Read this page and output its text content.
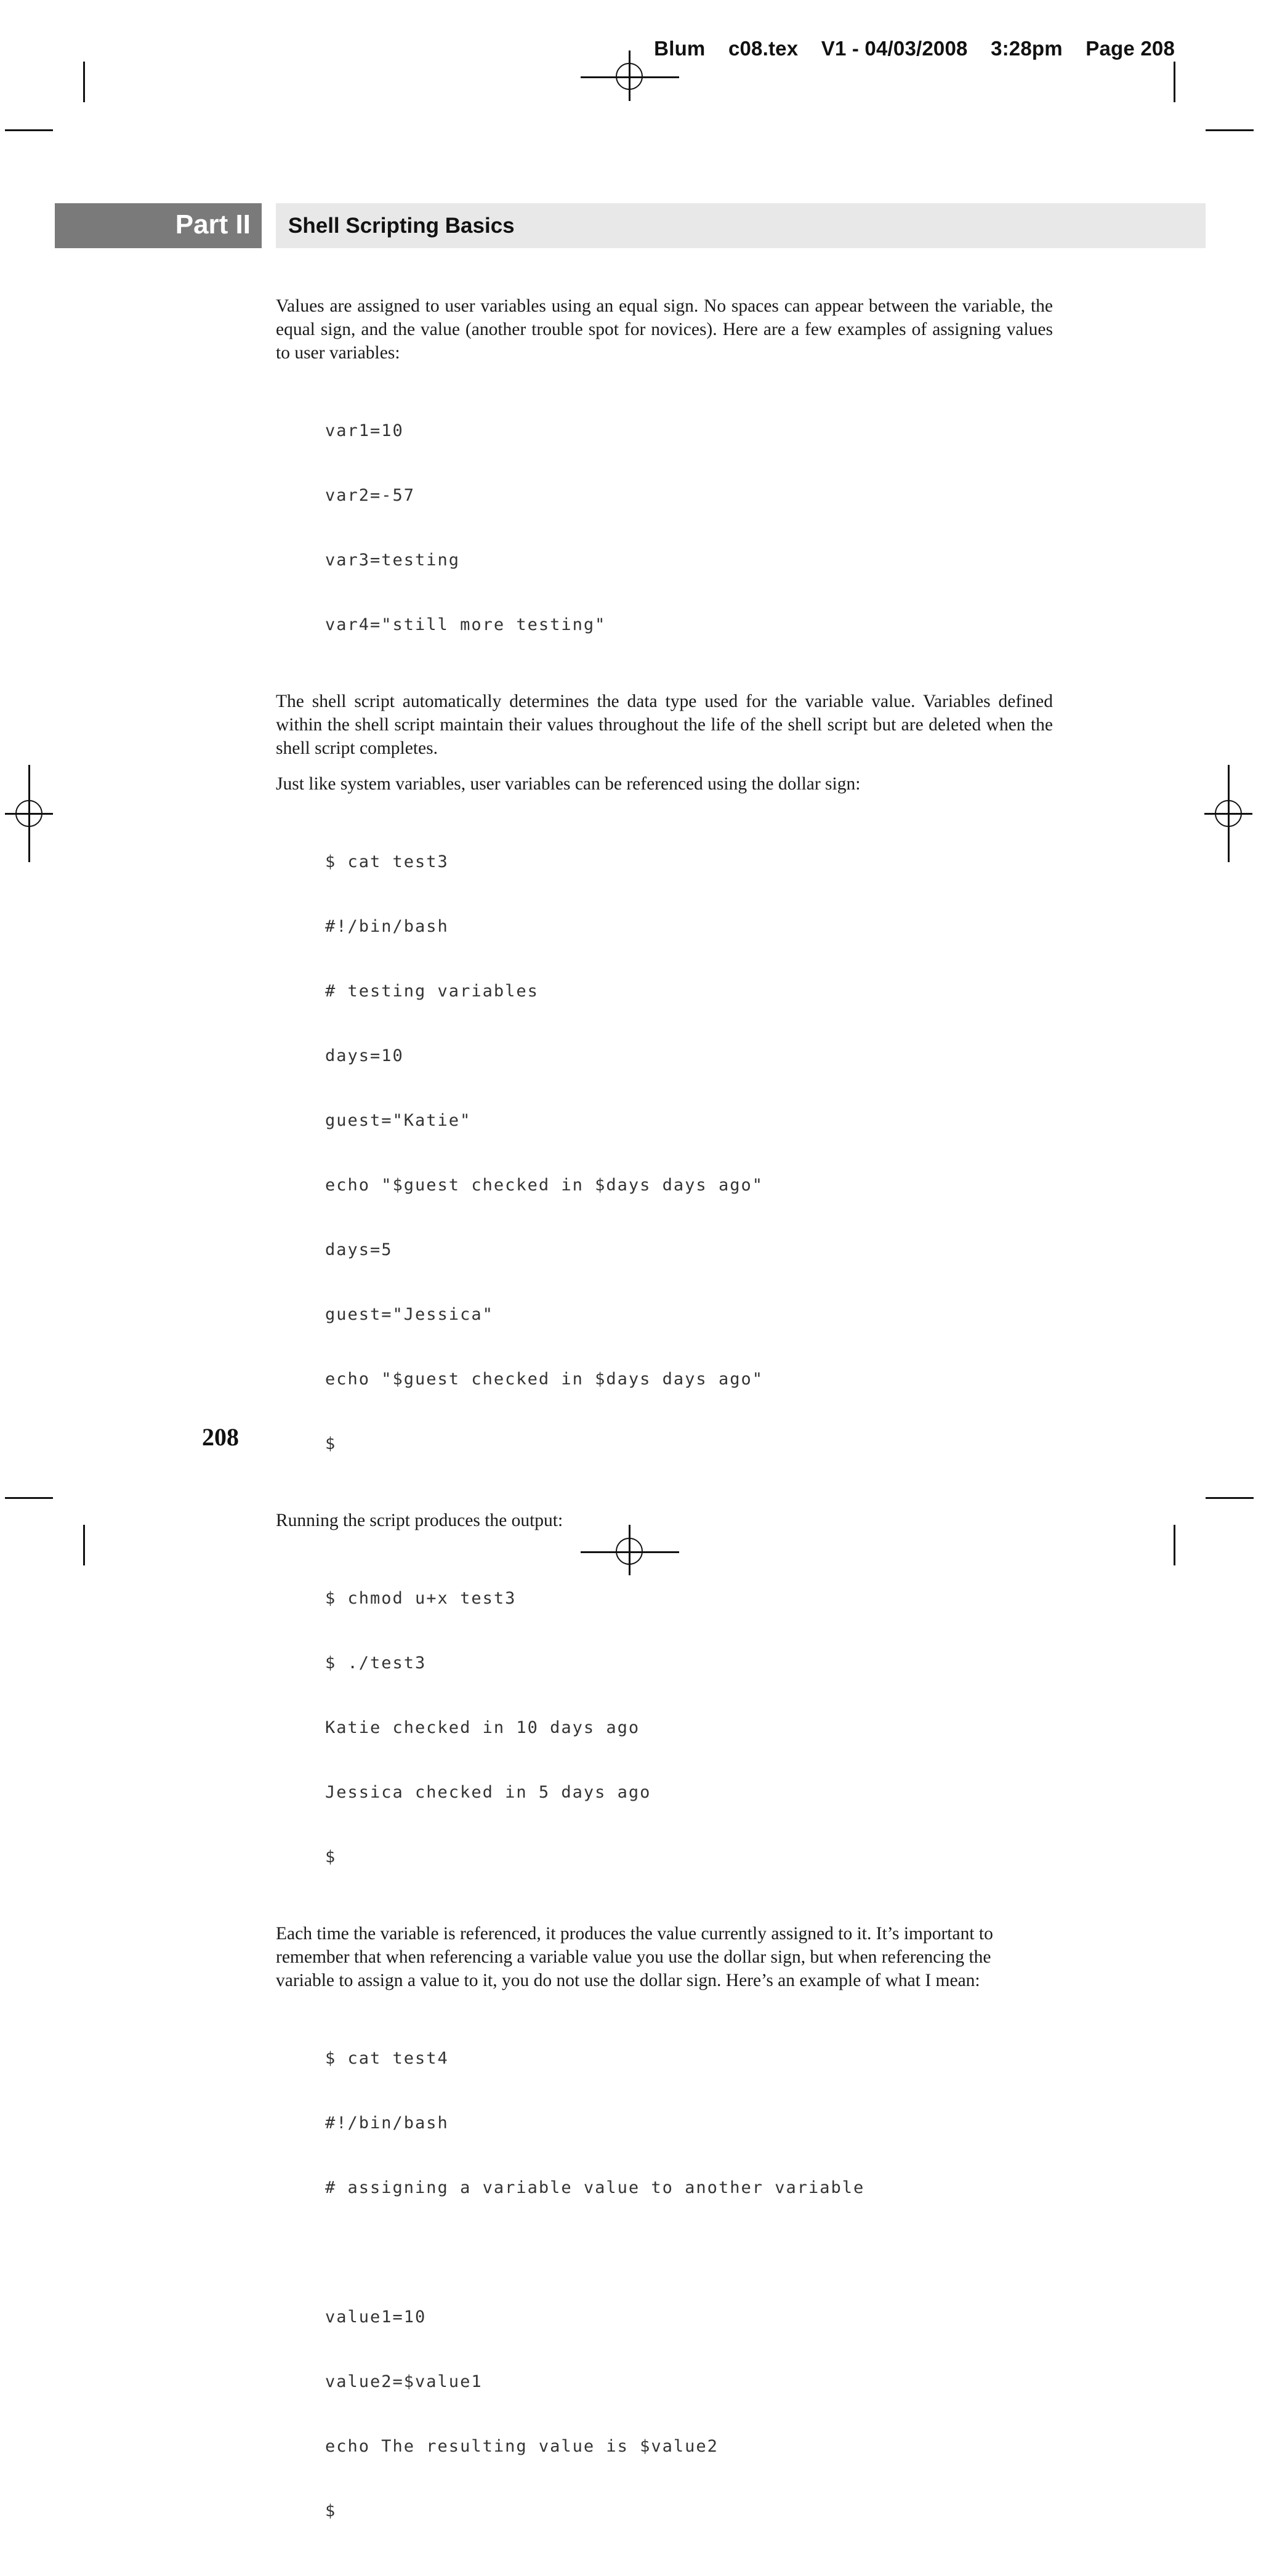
Blum    c08.tex    V1 - 04/03/2008    3:28pm    Page 208
Part II Shell Scripting Basics

Values are assigned to user variables using an equal sign. No spaces can appear between the variable, the equal sign, and the value (another trouble spot for novices). Here are a few examples of assigning values to user variables:

var1=10

var2=-57

var3=testing

var4="still more testing"

The shell script automatically determines the data type used for the variable value. Variables defined within the shell script maintain their values throughout the life of the shell script but are deleted when the shell script completes.

Just like system variables, user variables can be referenced using the dollar sign:

$ cat test3

#!/bin/bash

# testing variables

days=10

guest="Katie"

echo "$guest checked in $days days ago"

days=5

guest="Jessica"

echo "$guest checked in $days days ago"

$

Running the script produces the output:

$ chmod u+x test3

$ ./test3

Katie checked in 10 days ago

Jessica checked in 5 days ago

$

Each time the variable is referenced, it produces the value currently assigned to it. It’s important to remember that when referencing a variable value you use the dollar sign, but when referencing the variable to assign a value to it, you do not use the dollar sign. Here’s an example of what I mean:

$ cat test4

#!/bin/bash

# assigning a variable value to another variable

value1=10

value2=$value1

echo The resulting value is $value2

$

208
